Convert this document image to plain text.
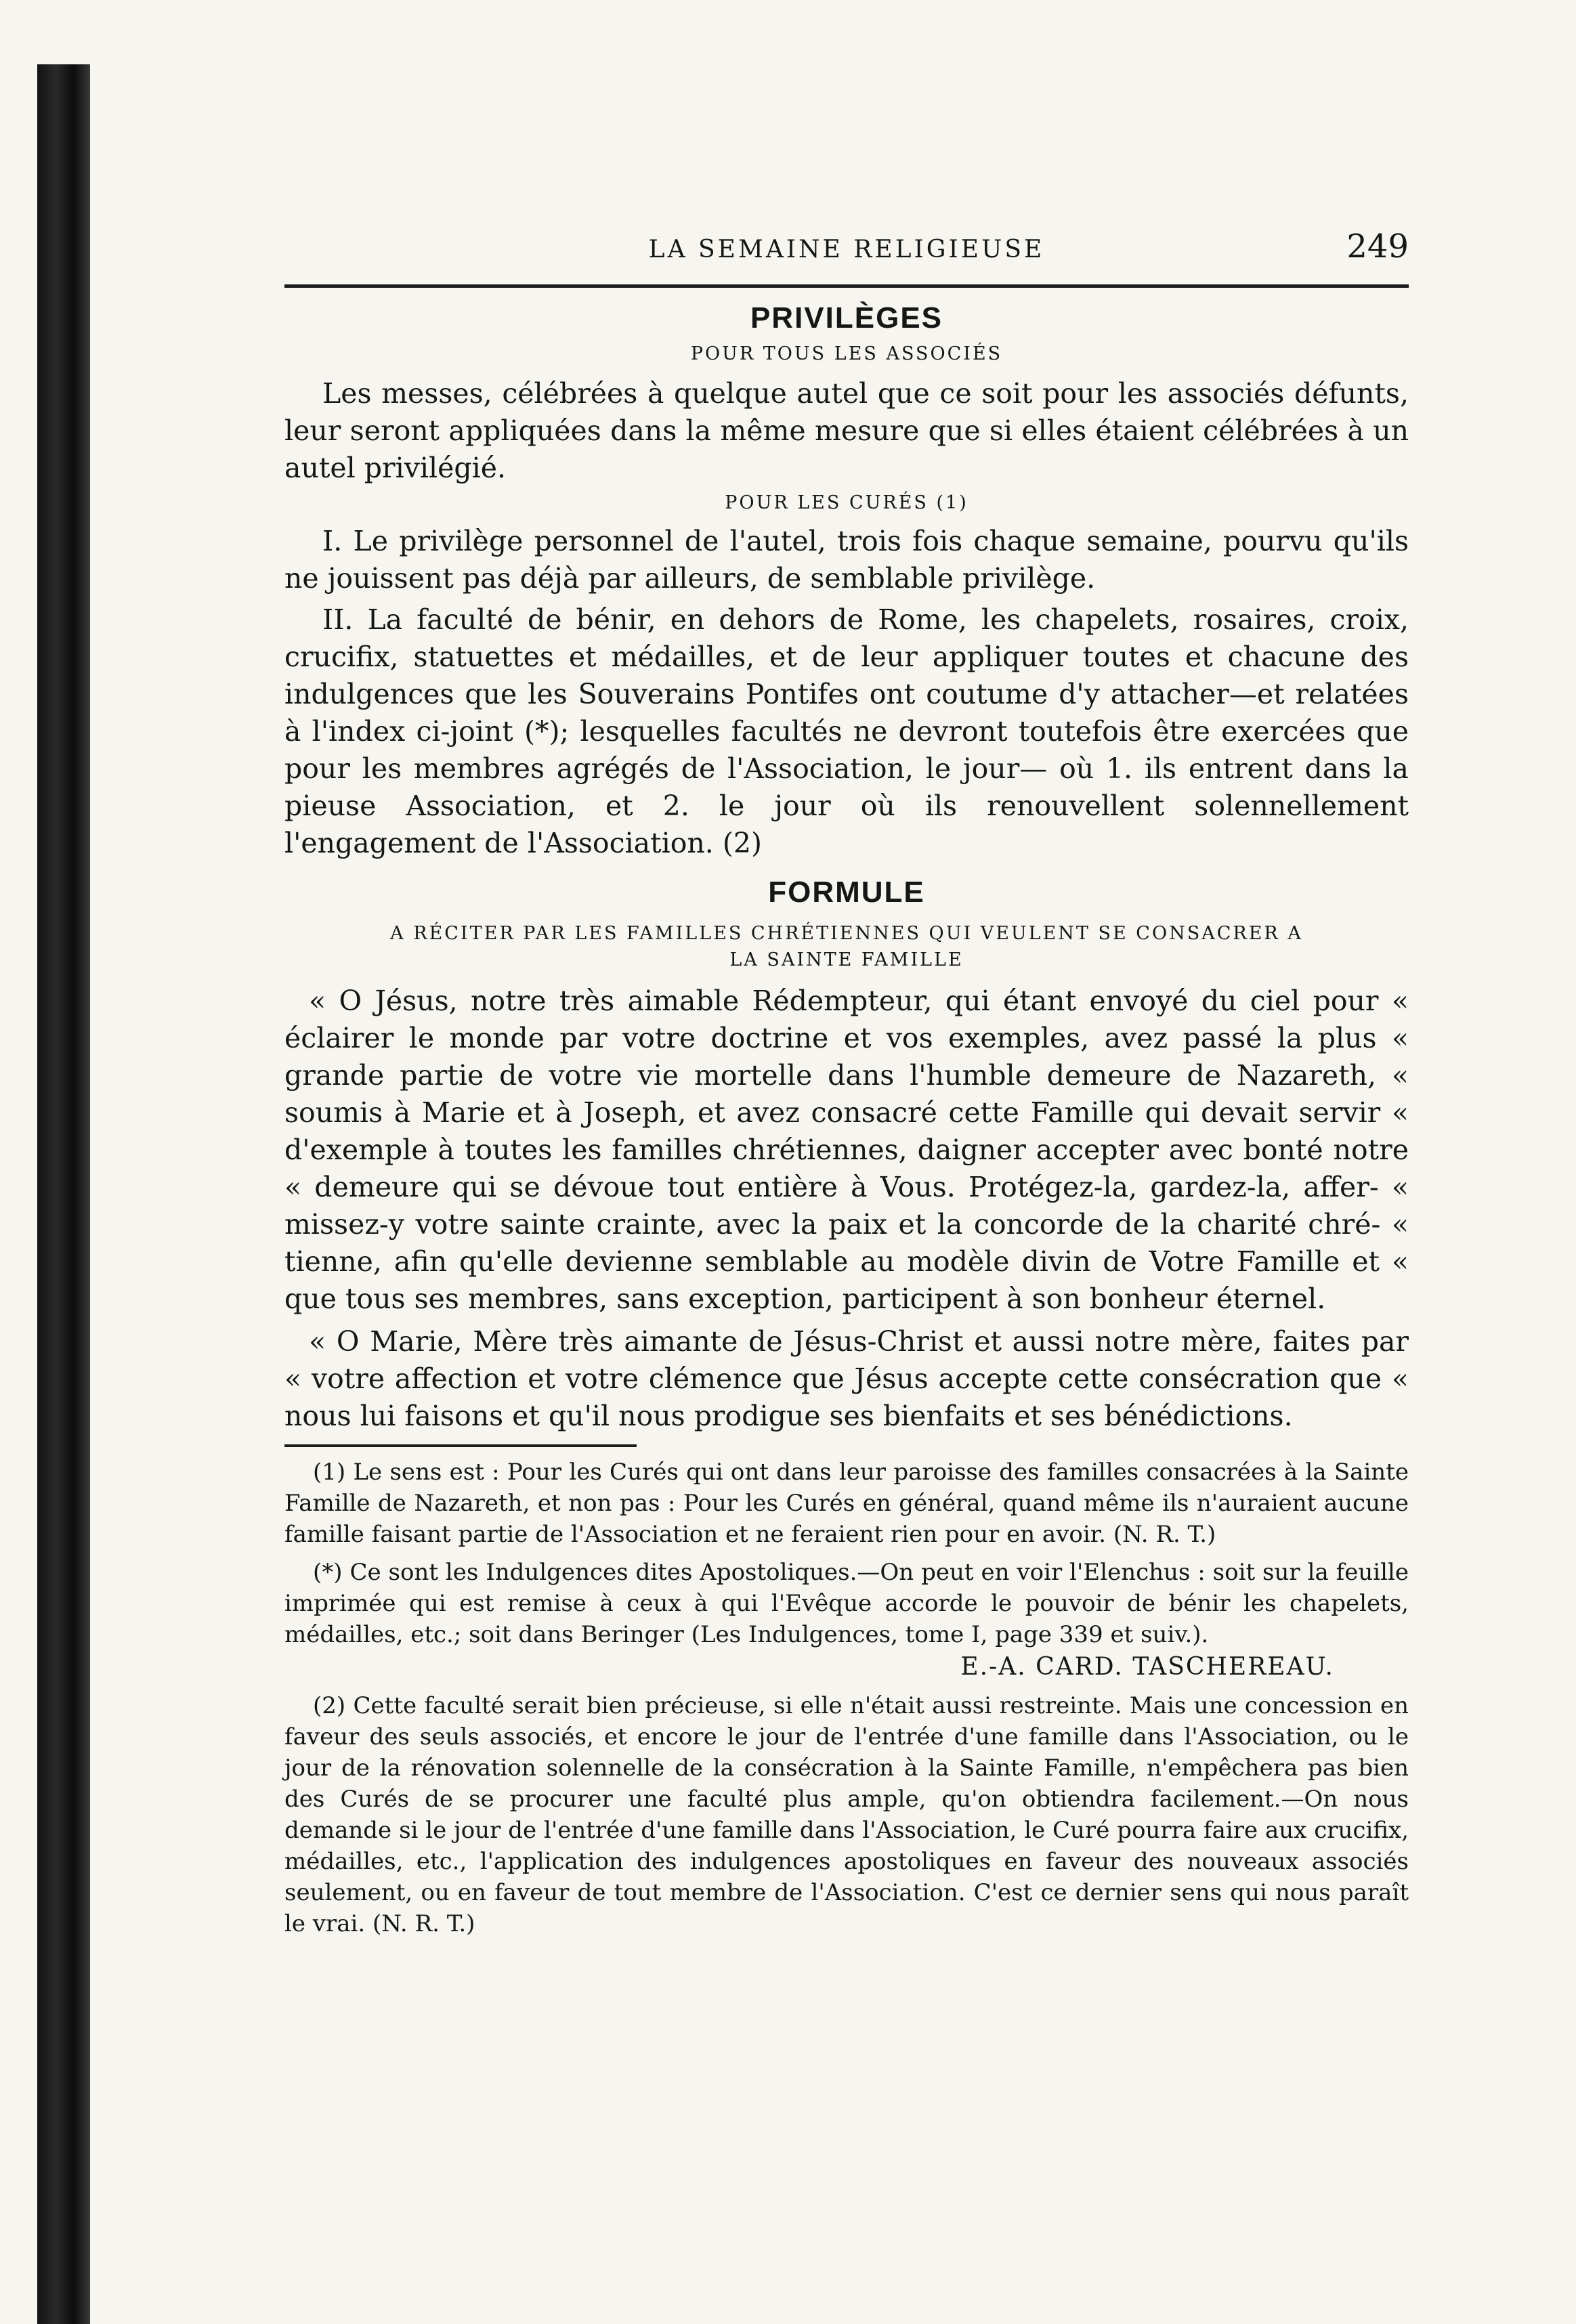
LA SEMAINE RELIGIEUSE	249
PRIVILÈGES
POUR TOUS LES ASSOCIÉS

Les messes, célébrées à quelque autel que ce soit pour les associés défunts, leur seront appliquées dans la même mesure que si elles étaient célébrées à un autel privilégié.

POUR LES CURÉS (1)

I. Le privilège personnel de l'autel, trois fois chaque semaine, pourvu qu'ils ne jouissent pas déjà par ailleurs, de semblable privilège.

II. La faculté de bénir, en dehors de Rome, les chapelets, rosaires, croix, crucifix, statuettes et médailles, et de leur appliquer toutes et chacune des indulgences que les Souverains Pontifes ont coutume d'y attacher—et relatées à l'index ci-joint (*); lesquelles facultés ne devront toutefois être exercées que pour les membres agrégés de l'Association, le jour— où 1. ils entrent dans la pieuse Association, et 2. le jour où ils renouvellent solennellement l'engagement de l'Association. (2)

FORMULE
A RÉCITER PAR LES FAMILLES CHRÉTIENNES QUI VEULENT SE CONSACRER A
LA SAINTE FAMILLE

« O Jésus, notre très aimable Rédempteur, qui étant envoyé du ciel pour « éclairer le monde par votre doctrine et vos exemples, avez passé la plus « grande partie de votre vie mortelle dans l'humble demeure de Nazareth, « soumis à Marie et à Joseph, et avez consacré cette Famille qui devait servir « d'exemple à toutes les familles chrétiennes, daigner accepter avec bonté notre « demeure qui se dévoue tout entière à Vous. Protégez-la, gardez-la, affer- « missez-y votre sainte crainte, avec la paix et la concorde de la charité chré- « tienne, afin qu'elle devienne semblable au modèle divin de Votre Famille et « que tous ses membres, sans exception, participent à son bonheur éternel.

« O Marie, Mère très aimante de Jésus-Christ et aussi notre mère, faites par « votre affection et votre clémence que Jésus accepte cette consécration que « nous lui faisons et qu'il nous prodigue ses bienfaits et ses bénédictions.

(1) Le sens est : Pour les Curés qui ont dans leur paroisse des familles consacrées à la Sainte Famille de Nazareth, et non pas : Pour les Curés en général, quand même ils n'auraient aucune famille faisant partie de l'Association et ne feraient rien pour en avoir. (N. R. T.)

(*) Ce sont les Indulgences dites Apostoliques.—On peut en voir l'Elenchus : soit sur la feuille imprimée qui est remise à ceux à qui l'Evêque accorde le pouvoir de bénir les chapelets, médailles, etc.; soit dans Beringer (Les Indulgences, tome I, page 339 et suiv.).

E.-A. CARD. TASCHEREAU.

(2) Cette faculté serait bien précieuse, si elle n'était aussi restreinte. Mais une concession en faveur des seuls associés, et encore le jour de l'entrée d'une famille dans l'Association, ou le jour de la rénovation solennelle de la consécration à la Sainte Famille, n'empêchera pas bien des Curés de se procurer une faculté plus ample, qu'on obtiendra facilement.—On nous demande si le jour de l'entrée d'une famille dans l'Association, le Curé pourra faire aux crucifix, médailles, etc., l'application des indulgences apostoliques en faveur des nouveaux associés seulement, ou en faveur de tout membre de l'Association. C'est ce dernier sens qui nous paraît le vrai. (N. R. T.)
